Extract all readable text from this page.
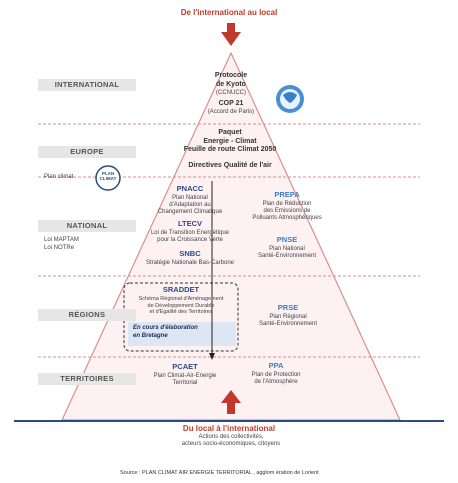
De l'international au local
INTERNATIONAL
EUROPE
NATIONAL
RÉGIONS
TERRITOIRES
Plan climat
PLAN
CLIMAT
Loi MAPTAM
Loi NOTRe
Protocole
de Kyoto
(CCNUCC)
COP 21
(Accord de Paris)
Paquet
Energie - Climat
Feuille de route Climat 2050
Directives Qualité de l'air
PNACC
Plan National
d'Adaptation au
Changement Climatique
LTECV
Loi de Transition Energétique
pour la Croissance Verte
SNBC
Stratégie Nationale Bas-Carbone
PREPA
Plan de Réduction
des Emissions de
Polluants Atmosphériques
PNSE
Plan National
Santé-Environnement
SRADDET
Schéma Régional d'Aménagement
de Développement Durable
et d'Egalité des Territoires
En cours d'élaboration
en Bretagne
PRSE
Plan Régional
Santé-Environnement
PCAET
Plan Climat-Air-Energie
Territorial
PPA
Plan de Protection
de l'Atmosphère
Du local à l'international
Actions des collectivités,
acteurs socio-économiques, citoyens
Source : PLAN CLIMAT AIR ENERGIE TERRITORIAL , agglom ération de Lorient
